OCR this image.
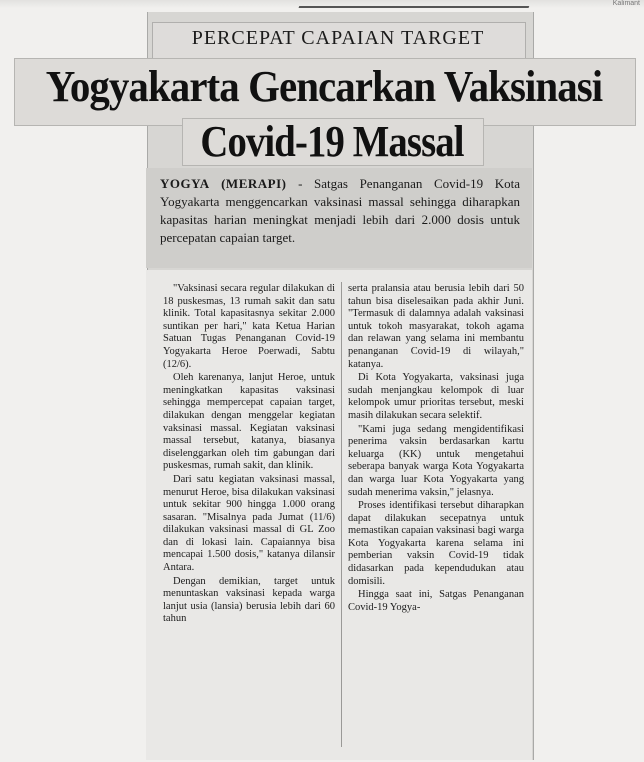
Kalimant
PERCEPAT CAPAIAN TARGET
Yogyakarta Gencarkan Vaksinasi
Covid-19 Massal
YOGYA (MERAPI) - Satgas Penanganan Covid-19 Kota Yogyakarta menggencarkan vaksinasi massal sehingga diharapkan kapasitas harian meningkat menjadi lebih dari 2.000 dosis untuk percepatan capaian target.

"Vaksinasi secara regular dilakukan di 18 puskesmas, 13 rumah sakit dan satu klinik. Total kapasitasnya sekitar 2.000 suntikan per hari," kata Ketua Harian Satuan Tugas Penanganan Covid-19 Yogyakarta Heroe Poerwadi, Sabtu (12/6).

Oleh karenanya, lanjut Heroe, untuk meningkatkan kapasitas vaksinasi sehingga mempercepat capaian target, dilakukan dengan menggelar kegiatan vaksinasi massal. Kegiatan vaksinasi massal tersebut, katanya, biasanya diselenggarkan oleh tim gabungan dari puskesmas, rumah sakit, dan klinik.

Dari satu kegiatan vaksinasi massal, menurut Heroe, bisa dilakukan vaksinasi untuk sekitar 900 hingga 1.000 orang sasaran. "Misalnya pada Jumat (11/6) dilakukan vaksinasi massal di GL Zoo dan di lokasi lain. Capaiannya bisa mencapai 1.500 dosis," katanya dilansir Antara.

Dengan demikian, target untuk menuntaskan vaksinasi kepada warga lanjut usia (lansia) berusia lebih dari 60 tahun

serta pralansia atau berusia lebih dari 50 tahun bisa diselesaikan pada akhir Juni. "Termasuk di dalamnya adalah vaksinasi untuk tokoh masyarakat, tokoh agama dan relawan yang selama ini membantu penanganan Covid-19 di wilayah," katanya.

Di Kota Yogyakarta, vaksinasi juga sudah menjangkau kelompok di luar kelompok umur prioritas tersebut, meski masih dilakukan secara selektif.

"Kami juga sedang mengidentifikasi penerima vaksin berdasarkan kartu keluarga (KK) untuk mengetahui seberapa banyak warga Kota Yogyakarta dan warga luar Kota Yogyakarta yang sudah menerima vaksin," jelasnya.

Proses identifikasi tersebut diharapkan dapat dilakukan secepatnya untuk memastikan capaian vaksinasi bagi warga Kota Yogyakarta karena selama ini pemberian vaksin Covid-19 tidak didasarkan pada kependudukan atau domisili.

Hingga saat ini, Satgas Penanganan Covid-19 Yogya-
